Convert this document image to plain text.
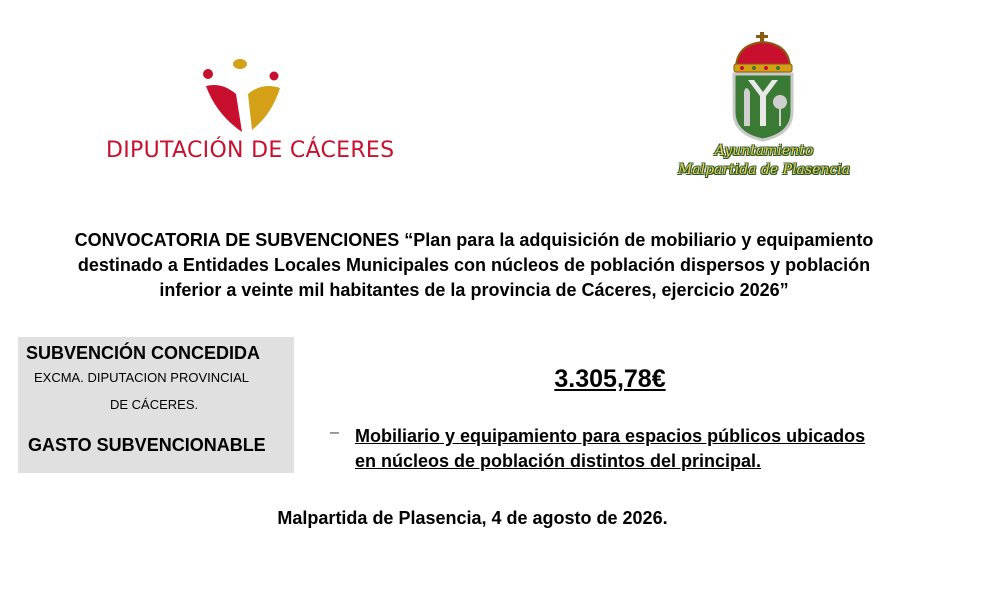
DIPUTACIÓN DE CÁCERES	Ayuntamiento
Malpartida de Plasencia
CONVOCATORIA DE SUBVENCIONES “Plan para la adquisición de mobiliario y equipamiento
destinado a Entidades Locales Municipales con núcleos de población dispersos y población
inferior a veinte mil habitantes de la provincia de Cáceres, ejercicio 2026”
SUBVENCIÓN CONCEDIDA
EXCMA. DIPUTACION PROVINCIAL
DE CÁCERES.
GASTO SUBVENCIONABLE
3.305,78€
– Mobiliario y equipamiento para espacios públicos ubicados
en núcleos de población distintos del principal.
Malpartida de Plasencia, 4 de agosto de 2026.
